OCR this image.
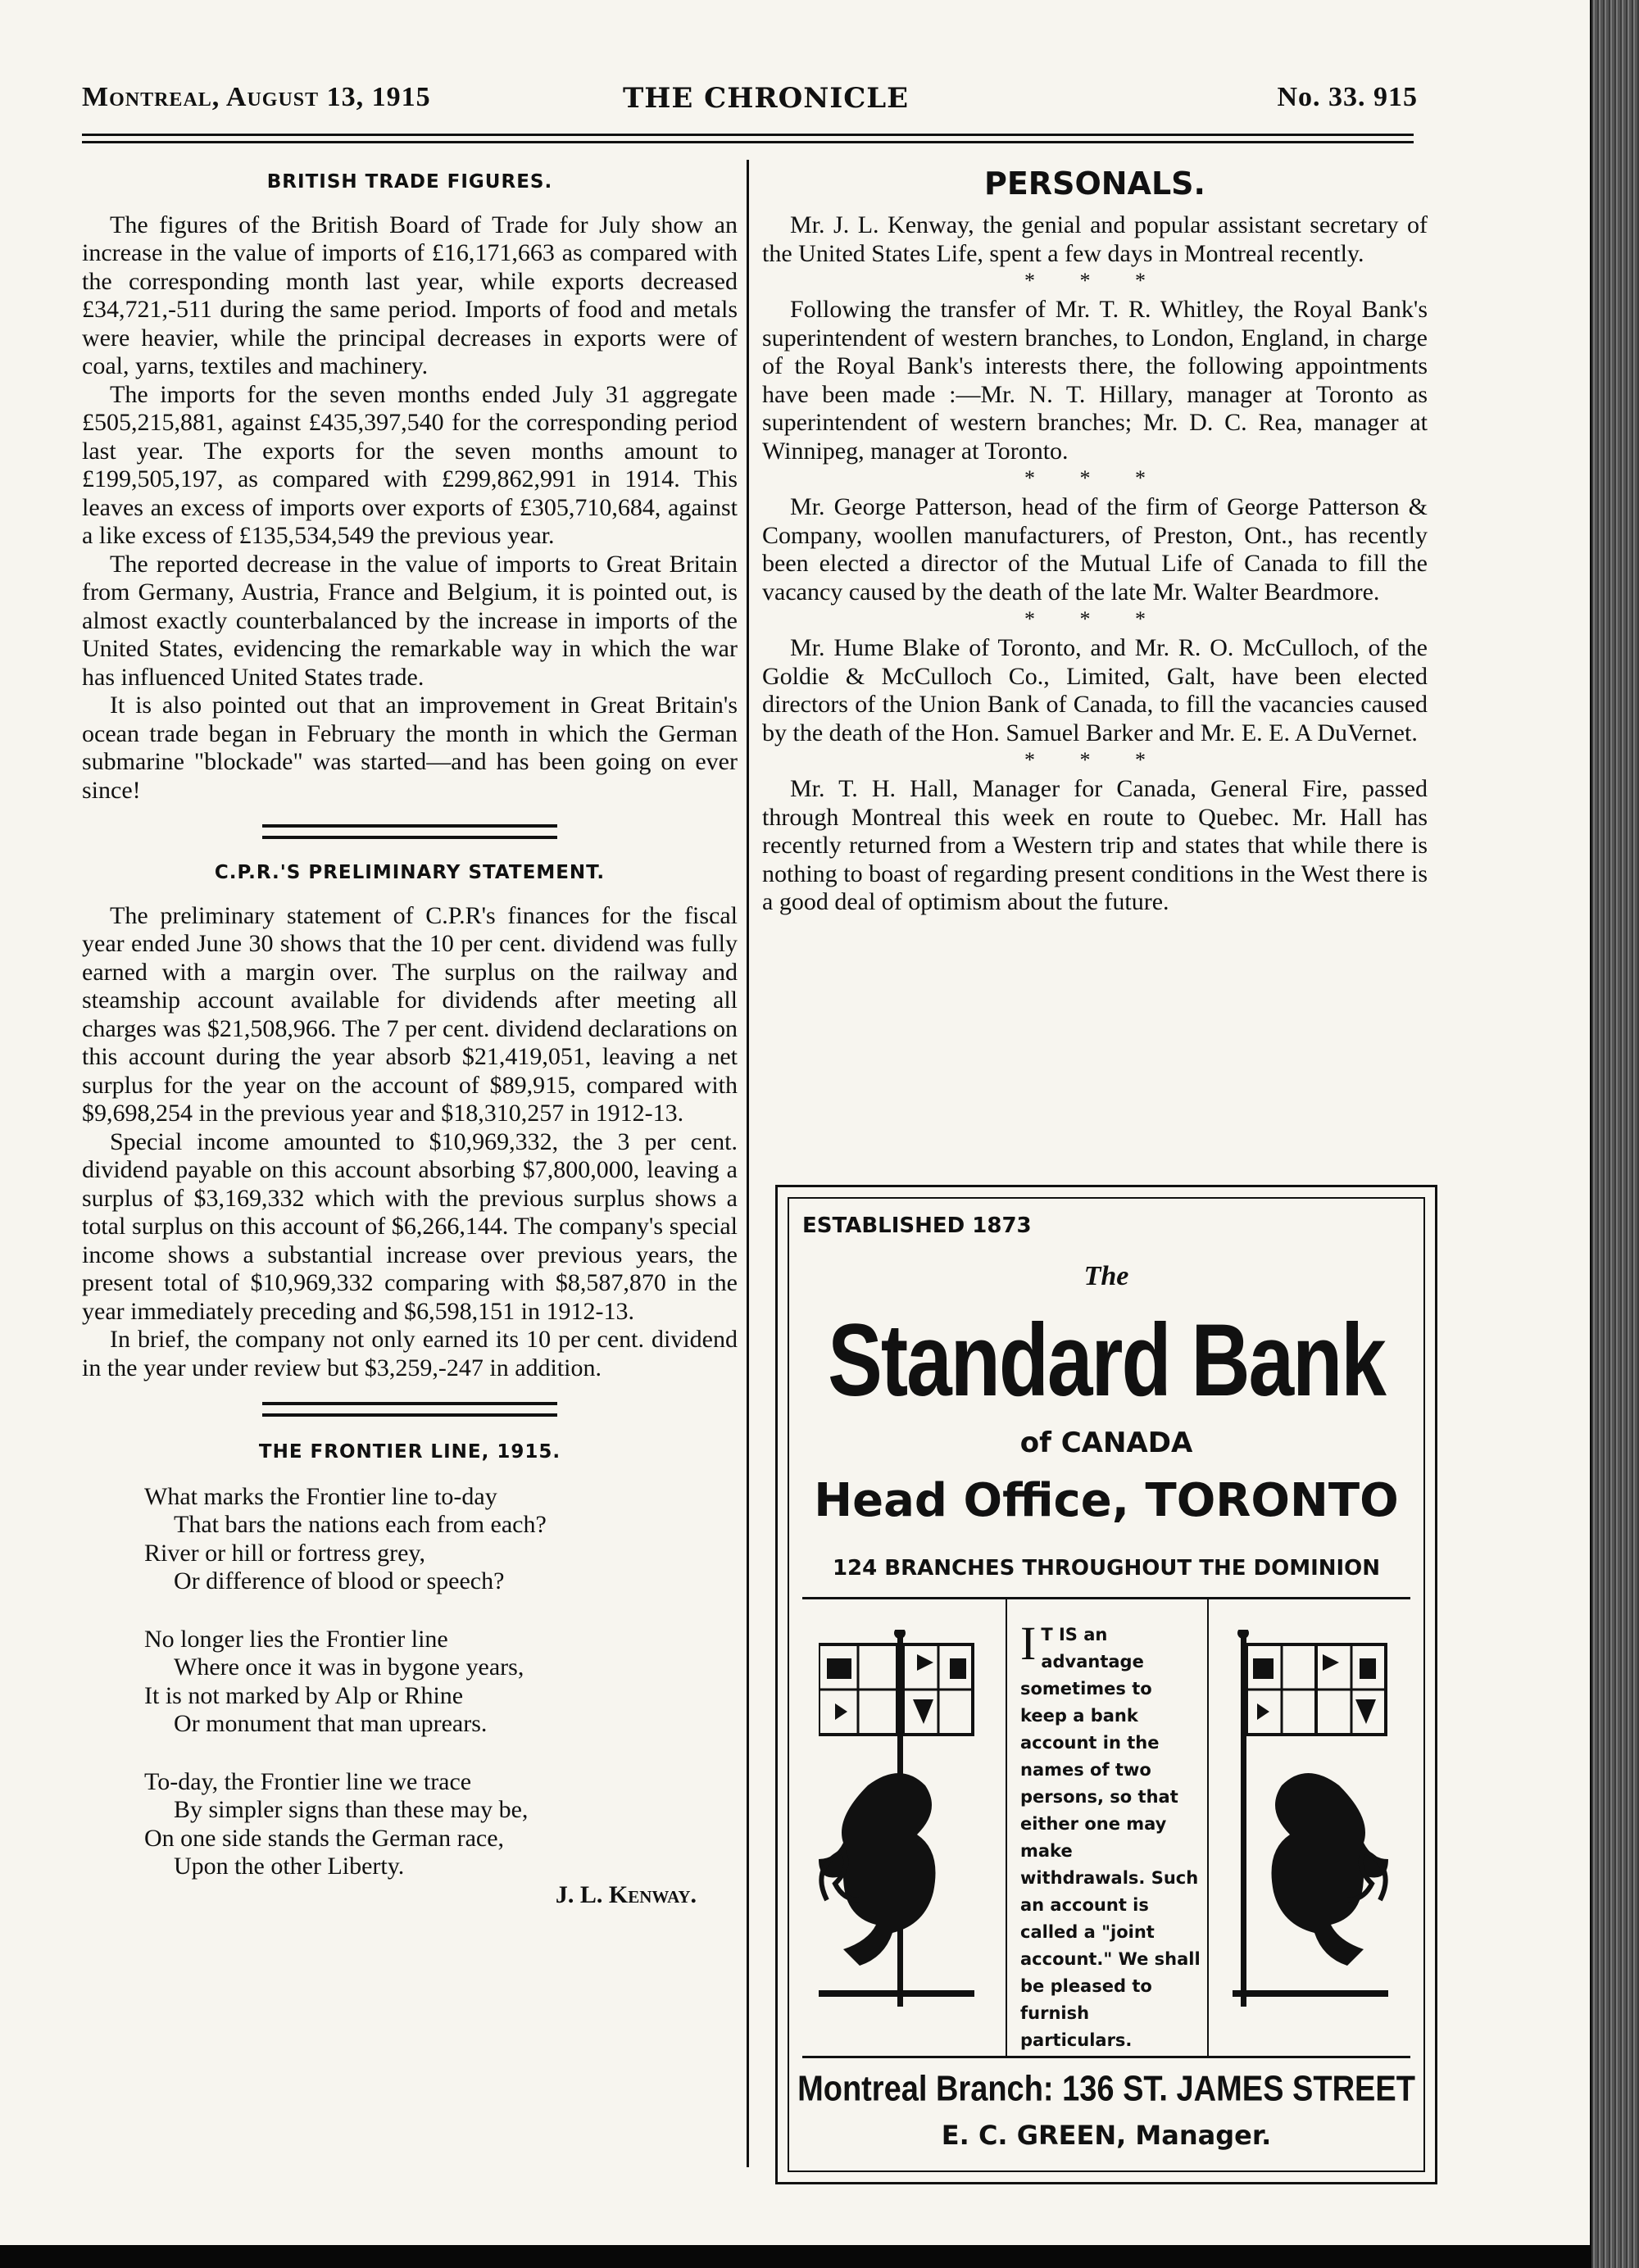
Montreal, August 13, 1915	THE CHRONICLE	No. 33. 915
BRITISH TRADE FIGURES.

The figures of the British Board of Trade for July show an increase in the value of imports of £16,171,663 as compared with the corresponding month last year, while exports decreased £34,721,-511 during the same period. Imports of food and metals were heavier, while the principal decreases in exports were of coal, yarns, textiles and machinery.

The imports for the seven months ended July 31 aggregate £505,215,881, against £435,397,540 for the corresponding period last year. The exports for the seven months amount to £199,505,197, as compared with £299,862,991 in 1914. This leaves an excess of imports over exports of £305,710,684, against a like excess of £135,534,549 the previous year.

The reported decrease in the value of imports to Great Britain from Germany, Austria, France and Belgium, it is pointed out, is almost exactly counterbalanced by the increase in imports of the United States, evidencing the remarkable way in which the war has influenced United States trade.

It is also pointed out that an improvement in Great Britain's ocean trade began in February the month in which the German submarine "blockade" was started—and has been going on ever since!

C.P.R.'S PRELIMINARY STATEMENT.

The preliminary statement of C.P.R's finances for the fiscal year ended June 30 shows that the 10 per cent. dividend was fully earned with a margin over. The surplus on the railway and steamship account available for dividends after meeting all charges was $21,508,966. The 7 per cent. dividend declarations on this account during the year absorb $21,419,051, leaving a net surplus for the year on the account of $89,915, compared with $9,698,254 in the previous year and $18,310,257 in 1912-13.

Special income amounted to $10,969,332, the 3 per cent. dividend payable on this account absorbing $7,800,000, leaving a surplus of $3,169,332 which with the previous surplus shows a total surplus on this account of $6,266,144. The company's special income shows a substantial increase over previous years, the present total of $10,969,332 comparing with $8,587,870 in the year immediately preceding and $6,598,151 in 1912-13.

In brief, the company not only earned its 10 per cent. dividend in the year under review but $3,259,-247 in addition.

THE FRONTIER LINE, 1915.
What marks the Frontier line to-day
That bars the nations each from each?
River or hill or fortress grey,
Or difference of blood or speech?
No longer lies the Frontier line
Where once it was in bygone years,
It is not marked by Alp or Rhine
Or monument that man uprears.
To-day, the Frontier line we trace
By simpler signs than these may be,
On one side stands the German race,
Upon the other Liberty.
J. L. Kenway.
PERSONALS.

Mr. J. L. Kenway, the genial and popular assistant secretary of the United States Life, spent a few days in Montreal recently.

* * *

Following the transfer of Mr. T. R. Whitley, the Royal Bank's superintendent of western branches, to London, England, in charge of the Royal Bank's interests there, the following appointments have been made :—Mr. N. T. Hillary, manager at Toronto as superintendent of western branches; Mr. D. C. Rea, manager at Winnipeg, manager at Toronto.

* * *

Mr. George Patterson, head of the firm of George Patterson & Company, woollen manufacturers, of Preston, Ont., has recently been elected a director of the Mutual Life of Canada to fill the vacancy caused by the death of the late Mr. Walter Beardmore.

* * *

Mr. Hume Blake of Toronto, and Mr. R. O. McCulloch, of the Goldie & McCulloch Co., Limited, Galt, have been elected directors of the Union Bank of Canada, to fill the vacancies caused by the death of the Hon. Samuel Barker and Mr. E. E. A DuVernet.

* * *

Mr. T. H. Hall, Manager for Canada, General Fire, passed through Montreal this week en route to Quebec. Mr. Hall has recently returned from a Western trip and states that while there is nothing to boast of regarding present conditions in the West there is a good deal of optimism about the future.

ESTABLISHED 1873
The
Standard Bank
of CANADA
Head Office, TORONTO
124 BRANCHES THROUGHOUT THE DOMINION
I T IS an advantage sometimes to keep a bank account in the names of two persons, so that either one may make withdrawals. Such an account is called a "joint account." We shall be pleased to furnish particulars.
Montreal Branch: 136 ST. JAMES STREET
E. C. GREEN, Manager.
